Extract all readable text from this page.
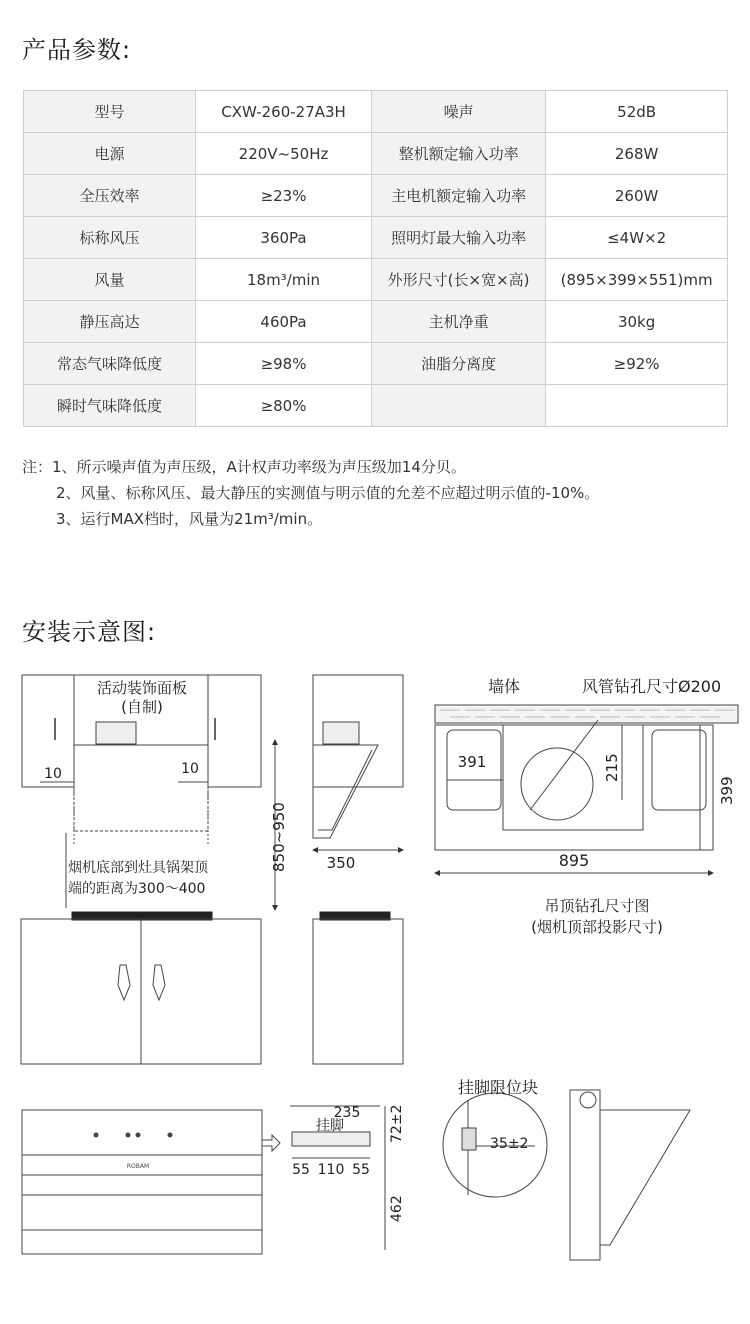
产品参数:
型号	CXW-260-27A3H	噪声	52dB
电源	220V~50Hz	整机额定输入功率	268W
全压效率	≥23%	主电机额定输入功率	260W
标称风压	360Pa	照明灯最大输入功率	≤4W×2
风量	18m³/min	外形尺寸(长×宽×高)	(895×399×551)mm
静压高达	460Pa	主机净重	30kg
常态气味降低度	≥98%	油脂分离度	≥92%
瞬时气味降低度	≥80%		
注：1、所示噪声值为声压级，A计权声功率级为声压级加14分贝。
2、风量、标称风压、最大静压的实测值与明示值的允差不应超过明示值的-10%。
3、运行MAX档时，风量为21m³/min。
安装示意图:
活动装饰面板
(自制)
10	10
烟机底部到灶具锅架顶
端的距离为300～400
850~950	350
墙体	风管钻孔尺寸Ø200
391	215
399
895
吊顶钻孔尺寸图
(烟机顶部投影尺寸)
ROBAM
235
挂脚	72±2
55 110 55
462
挂脚限位块
35±2
